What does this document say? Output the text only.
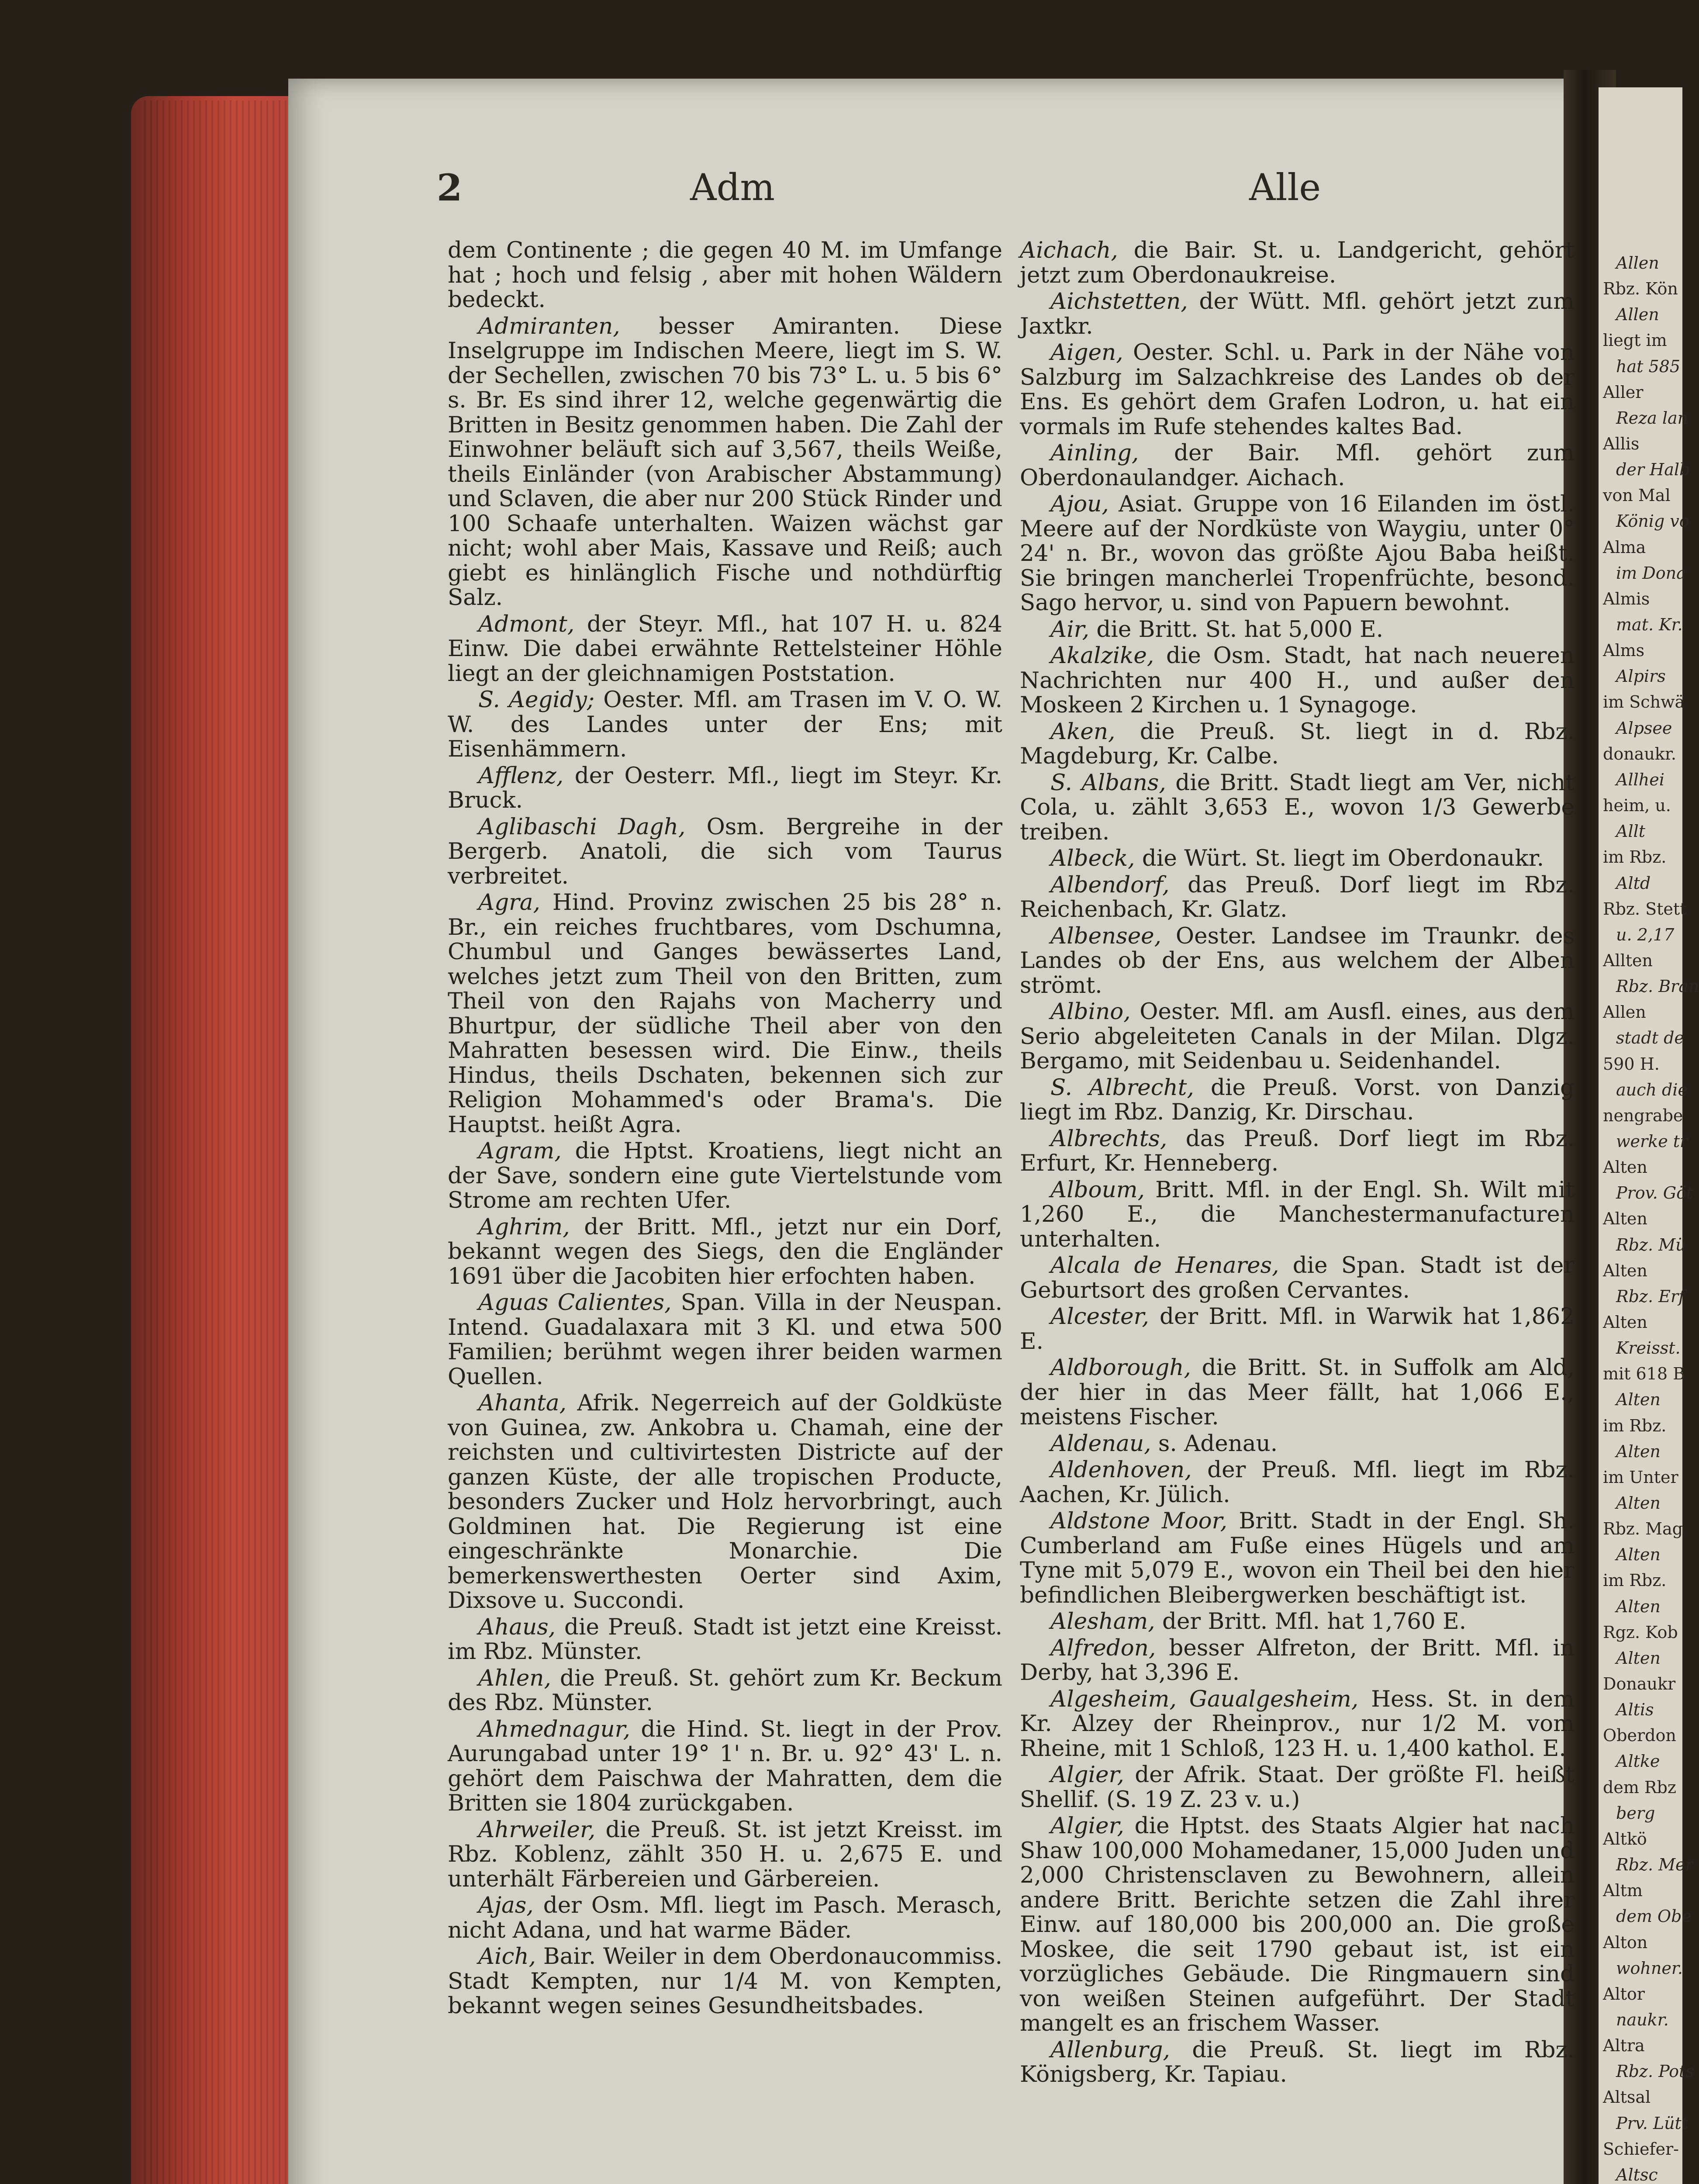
Allen
Rbz. Kön
Allen
liegt im
hat 585
Aller
Reza lan
Allis
der Halb
von Mal
König vo
Alma
im Dona
Almis
mat. Kr.
Alms
Alpirs
im Schwä
Alpsee
donaukr.
Allhei
heim, u.
Allt
im Rbz.
Altd
Rbz. Stett
u. 2,17
Allten
Rbz. Bran
Allen
stadt de
590 H.
auch die
nengrabe
werke tr
Alten
Prov. Göt
Alten
Rbz. Mü
Alten
Rbz. Erf
Alten
Kreisst.
mit 618 B
Alten
im Rbz.
Alten
im Unter
Alten
Rbz. Mag
Alten
im Rbz.
Alten
Rgz. Kob
Alten
Donaukr
Altis
Oberdon
Altke
dem Rbz
berg
Altkö
Rbz. Mer
Altm
dem Obe
Alton
wohner.
Altor
naukr.
Altra
Rbz. Pots
Altsal
Prv. Lütt
Schiefer-
Altsc
2	Adm	Alle

dem Continente ; die gegen 40 M. im Umfange hat ; hoch und felsig , aber mit hohen Wäldern bedeckt.

Admiranten, besser Amiranten. Diese Inselgruppe im Indischen Meere, liegt im S. W. der Sechellen, zwischen 70 bis 73° L. u. 5 bis 6° s. Br. Es sind ihrer 12, welche gegenwärtig die Britten in Besitz genommen haben. Die Zahl der Einwohner beläuft sich auf 3,567, theils Weiße, theils Einländer (von Arabischer Abstammung) und Sclaven, die aber nur 200 Stück Rinder und 100 Schaafe unterhalten. Waizen wächst gar nicht; wohl aber Mais, Kassave und Reiß; auch giebt es hinlänglich Fische und nothdürftig Salz.

Admont, der Steyr. Mfl., hat 107 H. u. 824 Einw. Die dabei erwähnte Rettelsteiner Höhle liegt an der gleichnamigen Poststation.

S. Aegidy; Oester. Mfl. am Trasen im V. O. W. W. des Landes unter der Ens; mit Eisenhämmern.

Afflenz, der Oesterr. Mfl., liegt im Steyr. Kr. Bruck.

Aglibaschi Dagh, Osm. Bergreihe in der Bergerb. Anatoli, die sich vom Taurus verbreitet.

Agra, Hind. Provinz zwischen 25 bis 28° n. Br., ein reiches fruchtbares, vom Dschumna, Chumbul und Ganges bewässertes Land, welches jetzt zum Theil von den Britten, zum Theil von den Rajahs von Macherry und Bhurtpur, der südliche Theil aber von den Mahratten besessen wird. Die Einw., theils Hindus, theils Dschaten, bekennen sich zur Religion Mohammed's oder Brama's. Die Hauptst. heißt Agra.

Agram, die Hptst. Kroatiens, liegt nicht an der Save, sondern eine gute Viertelstunde vom Strome am rechten Ufer.

Aghrim, der Britt. Mfl., jetzt nur ein Dorf, bekannt wegen des Siegs, den die Engländer 1691 über die Jacobiten hier erfochten haben.

Aguas Calientes, Span. Villa in der Neuspan. Intend. Guadalaxara mit 3 Kl. und etwa 500 Familien; berühmt wegen ihrer beiden warmen Quellen.

Ahanta, Afrik. Negerreich auf der Goldküste von Guinea, zw. Ankobra u. Chamah, eine der reichsten und cultivirtesten Districte auf der ganzen Küste, der alle tropischen Producte, besonders Zucker und Holz hervorbringt, auch Goldminen hat. Die Regierung ist eine eingeschränkte Monarchie. Die bemerkenswerthesten Oerter sind Axim, Dixsove u. Succondi.

Ahaus, die Preuß. Stadt ist jetzt eine Kreisst. im Rbz. Münster.

Ahlen, die Preuß. St. gehört zum Kr. Beckum des Rbz. Münster.

Ahmednagur, die Hind. St. liegt in der Prov. Aurungabad unter 19° 1' n. Br. u. 92° 43' L. n. gehört dem Paischwa der Mahratten, dem die Britten sie 1804 zurückgaben.

Ahrweiler, die Preuß. St. ist jetzt Kreisst. im Rbz. Koblenz, zählt 350 H. u. 2,675 E. und unterhält Färbereien und Gärbereien.

Ajas, der Osm. Mfl. liegt im Pasch. Merasch, nicht Adana, und hat warme Bäder.

Aich, Bair. Weiler in dem Oberdonaucommiss. Stadt Kempten, nur 1/4 M. von Kempten, bekannt wegen seines Gesundheitsbades.

Aichach, die Bair. St. u. Landgericht, gehört jetzt zum Oberdonaukreise.

Aichstetten, der Wütt. Mfl. gehört jetzt zum Jaxtkr.

Aigen, Oester. Schl. u. Park in der Nähe von Salzburg im Salzachkreise des Landes ob der Ens. Es gehört dem Grafen Lodron, u. hat ein vormals im Rufe stehendes kaltes Bad.

Ainling, der Bair. Mfl. gehört zum Oberdonaulandger. Aichach.

Ajou, Asiat. Gruppe von 16 Eilanden im östl. Meere auf der Nordküste von Waygiu, unter 0° 24' n. Br., wovon das größte Ajou Baba heißt. Sie bringen mancherlei Tropenfrüchte, besond. Sago hervor, u. sind von Papuern bewohnt.

Air, die Britt. St. hat 5,000 E.

Akalzike, die Osm. Stadt, hat nach neueren Nachrichten nur 400 H., und außer den Moskeen 2 Kirchen u. 1 Synagoge.

Aken, die Preuß. St. liegt in d. Rbz. Magdeburg, Kr. Calbe.

S. Albans, die Britt. Stadt liegt am Ver, nicht Cola, u. zählt 3,653 E., wovon 1/3 Gewerbe treiben.

Albeck, die Würt. St. liegt im Oberdonaukr.

Albendorf, das Preuß. Dorf liegt im Rbz. Reichenbach, Kr. Glatz.

Albensee, Oester. Landsee im Traunkr. des Landes ob der Ens, aus welchem der Alben strömt.

Albino, Oester. Mfl. am Ausfl. eines, aus dem Serio abgeleiteten Canals in der Milan. Dlgz. Bergamo, mit Seidenbau u. Seidenhandel.

S. Albrecht, die Preuß. Vorst. von Danzig liegt im Rbz. Danzig, Kr. Dirschau.

Albrechts, das Preuß. Dorf liegt im Rbz. Erfurt, Kr. Henneberg.

Alboum, Britt. Mfl. in der Engl. Sh. Wilt mit 1,260 E., die Manchestermanufacturen unterhalten.

Alcala de Henares, die Span. Stadt ist der Geburtsort des großen Cervantes.

Alcester, der Britt. Mfl. in Warwik hat 1,862 E.

Aldborough, die Britt. St. in Suffolk am Ald, der hier in das Meer fällt, hat 1,066 E., meistens Fischer.

Aldenau, s. Adenau.

Aldenhoven, der Preuß. Mfl. liegt im Rbz. Aachen, Kr. Jülich.

Aldstone Moor, Britt. Stadt in der Engl. Sh. Cumberland am Fuße eines Hügels und am Tyne mit 5,079 E., wovon ein Theil bei den hier befindlichen Bleibergwerken beschäftigt ist.

Alesham, der Britt. Mfl. hat 1,760 E.

Alfredon, besser Alfreton, der Britt. Mfl. in Derby, hat 3,396 E.

Algesheim, Gaualgesheim, Hess. St. in dem Kr. Alzey der Rheinprov., nur 1/2 M. vom Rheine, mit 1 Schloß, 123 H. u. 1,400 kathol. E.

Algier, der Afrik. Staat. Der größte Fl. heißt Shellif. (S. 19 Z. 23 v. u.)

Algier, die Hptst. des Staats Algier hat nach Shaw 100,000 Mohamedaner, 15,000 Juden und 2,000 Christensclaven zu Bewohnern, allein andere Britt. Berichte setzen die Zahl ihrer Einw. auf 180,000 bis 200,000 an. Die große Moskee, die seit 1790 gebaut ist, ist ein vorzügliches Gebäude. Die Ringmauern sind von weißen Steinen aufgeführt. Der Stadt mangelt es an frischem Wasser.

Allenburg, die Preuß. St. liegt im Rbz. Königsberg, Kr. Tapiau.
